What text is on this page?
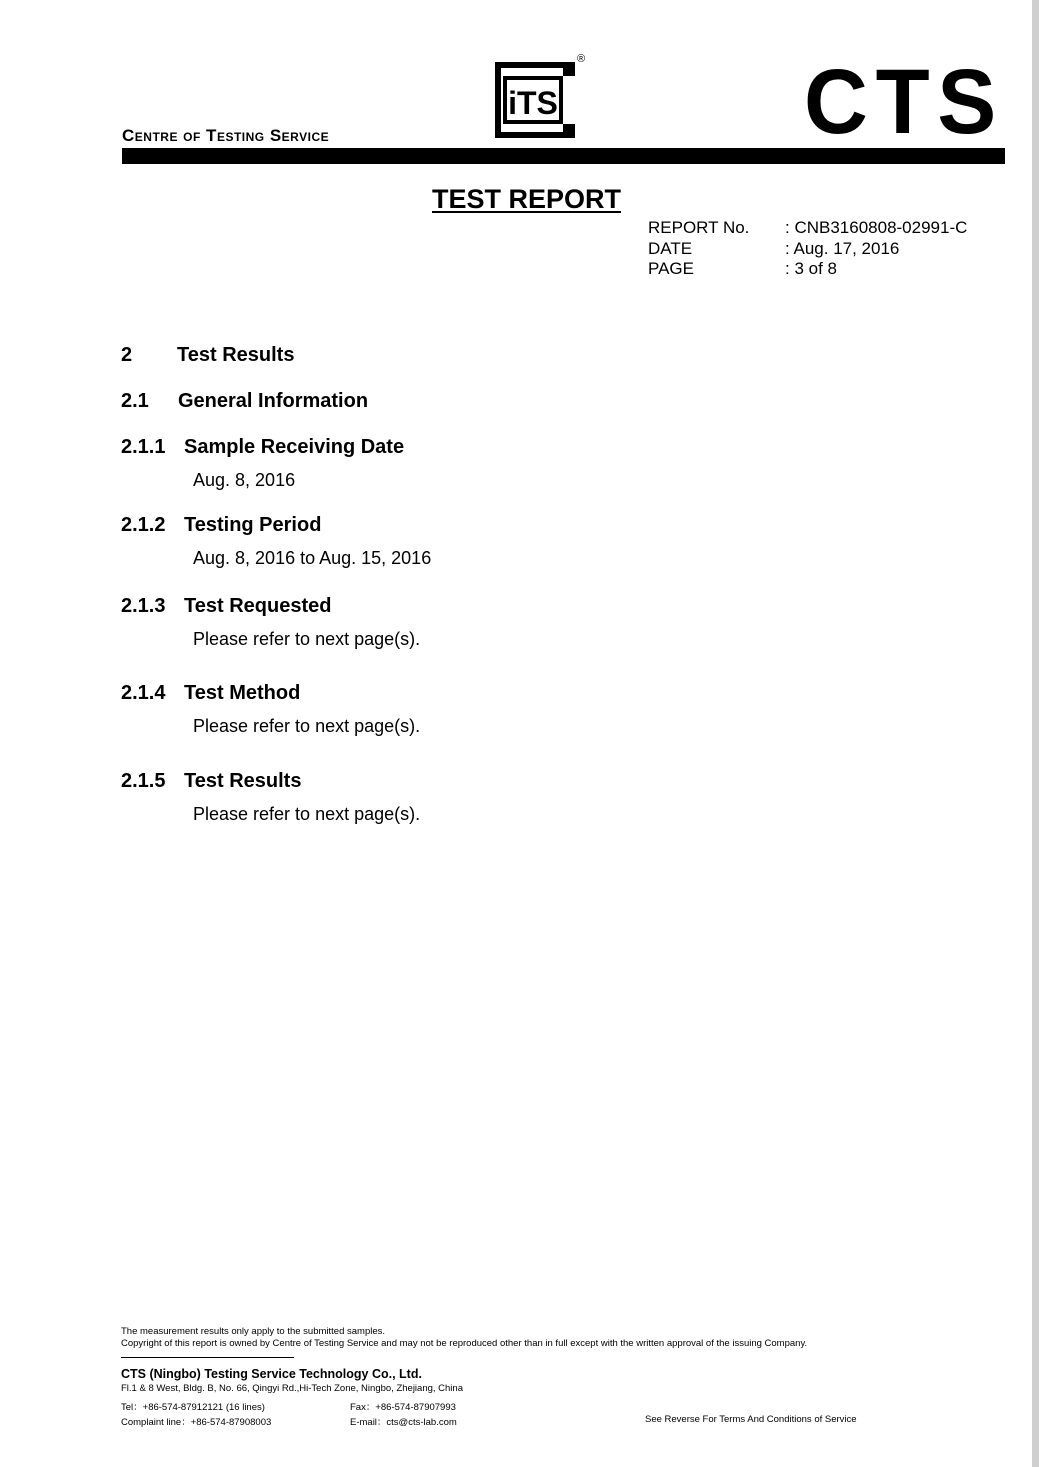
Centre of Testing Service
iTS
® CTS
TEST REPORT
REPORT No. : CNB3160808-02991-C
DATE	: Aug. 17, 2016
PAGE	: 3 of 8
2 Test Results
2.1 General Information
2.1.1 Sample Receiving Date
Aug. 8, 2016
2.1.2 Testing Period
Aug. 8, 2016 to Aug. 15, 2016
2.1.3 Test Requested
Please refer to next page(s).
2.1.4 Test Method
Please refer to next page(s).
2.1.5 Test Results
Please refer to next page(s).
The measurement results only apply to the submitted samples.
Copyright of this report is owned by Centre of Testing Service and may not be reproduced other than in full except with the written approval of the issuing Company.
CTS (Ningbo) Testing Service Technology Co., Ltd.
Fl.1 & 8 West, Bldg. B, No. 66, Qingyi Rd.,Hi-Tech Zone, Ningbo, Zhejiang, China
Tel：+86-574-87912121 (16 lines)	Fax：+86-574-87907993
Complaint line：+86-574-87908003	E-mail：cts@cts-lab.com	See Reverse For Terms And Conditions of Service
